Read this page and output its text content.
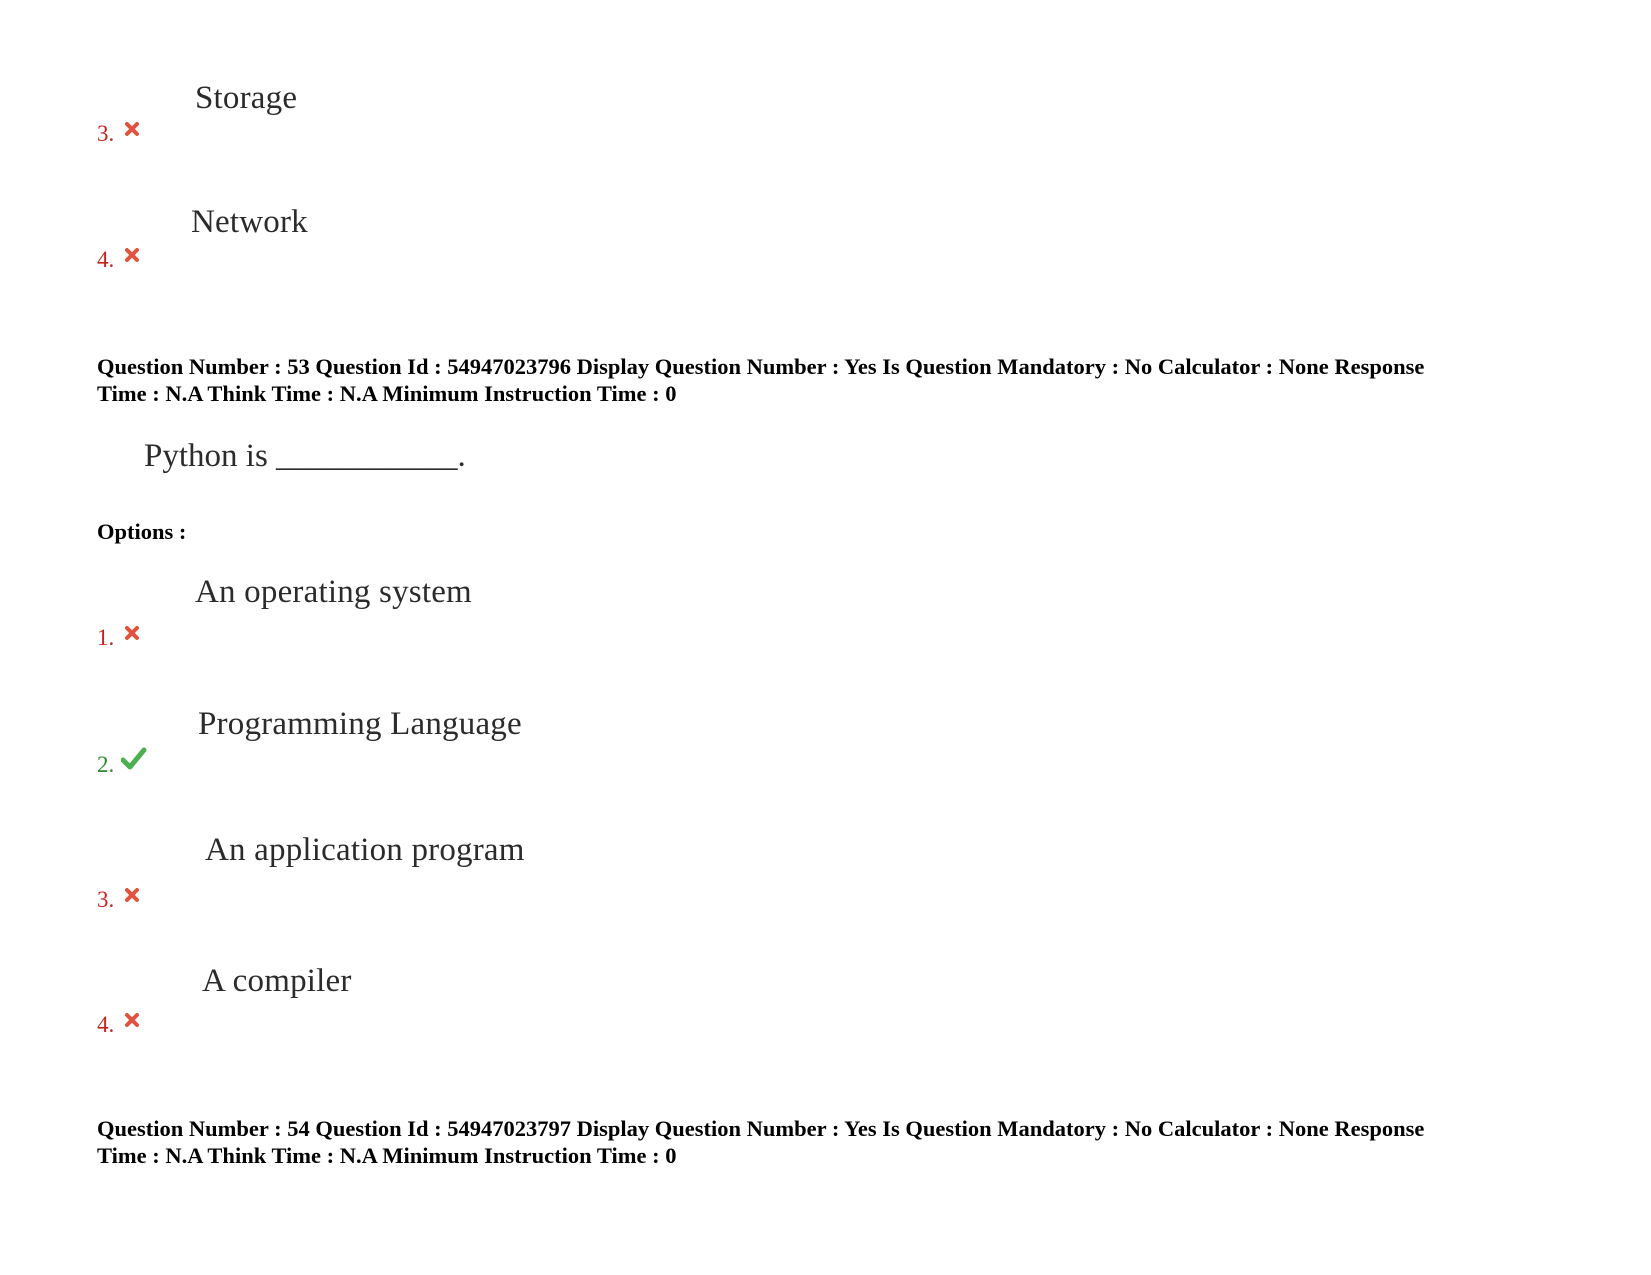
Storage
3.
Network
4.
Question Number : 53 Question Id : 54947023796 Display Question Number : Yes Is Question Mandatory : No Calculator : None Response
Time : N.A Think Time : N.A Minimum Instruction Time : 0
Python is ___________.
Options :
An operating system
1.
Programming Language
2.
An application program
3.
A compiler
4.
Question Number : 54 Question Id : 54947023797 Display Question Number : Yes Is Question Mandatory : No Calculator : None Response
Time : N.A Think Time : N.A Minimum Instruction Time : 0
